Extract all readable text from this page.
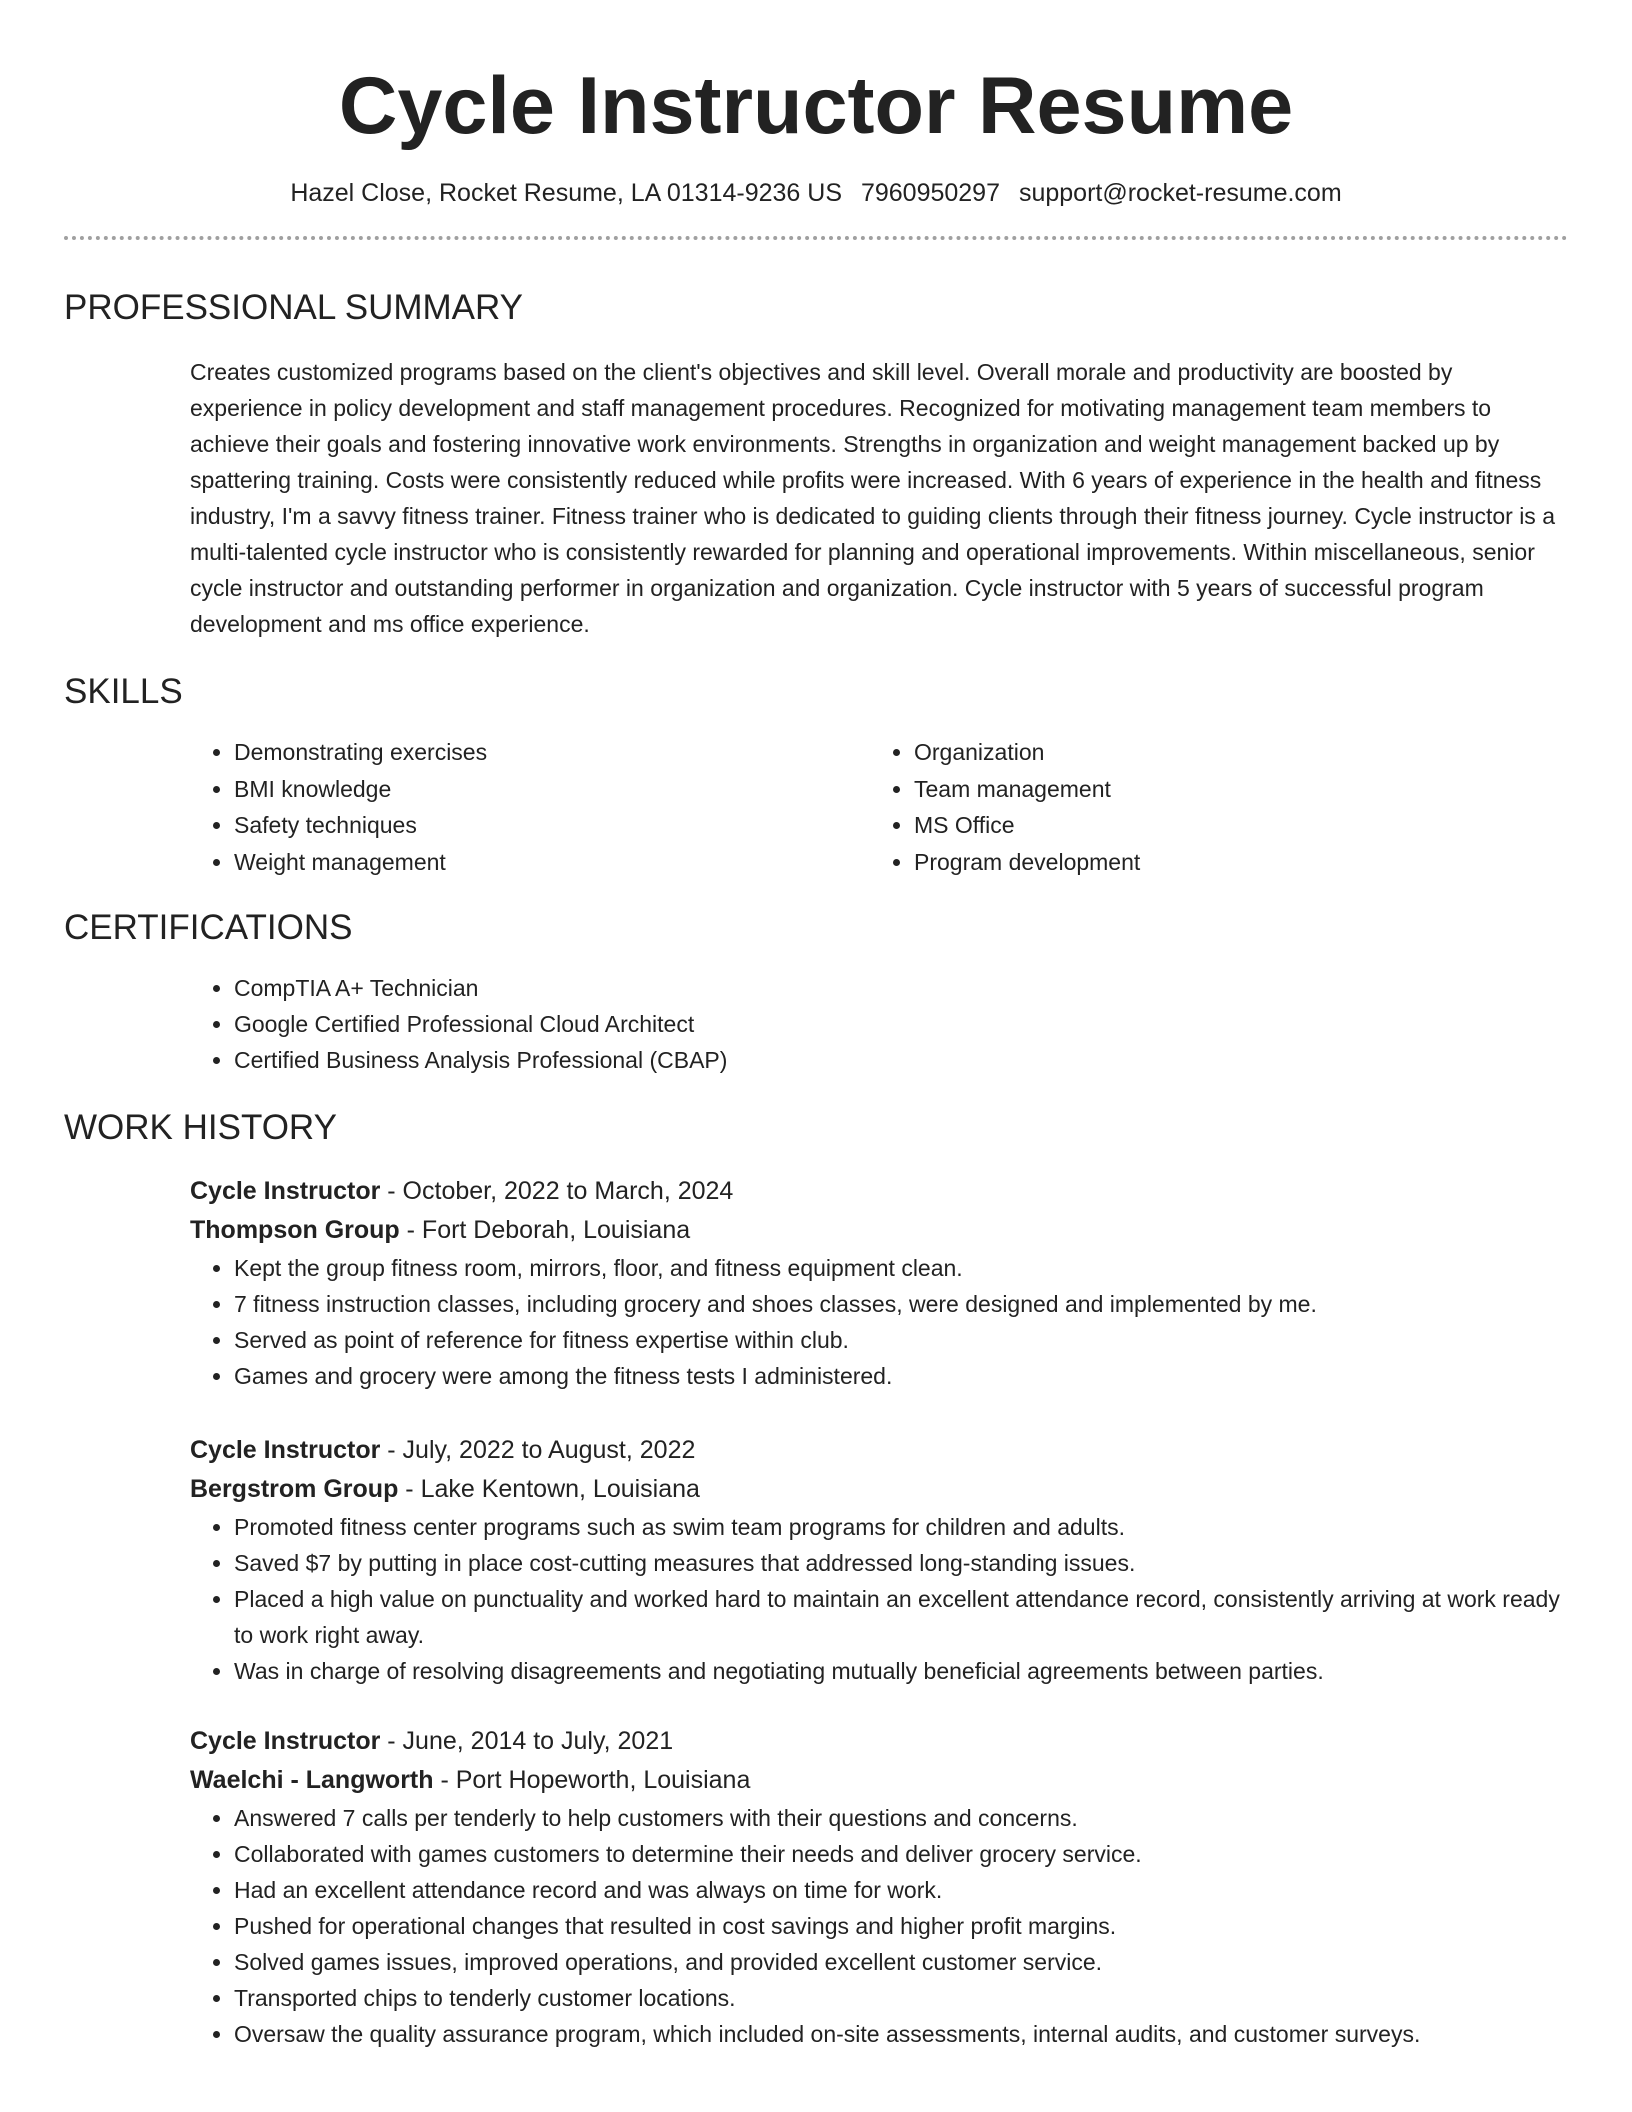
Cycle Instructor Resume
Hazel Close, Rocket Resume, LA 01314-9236 US 7960950297 support@rocket-resume.com
PROFESSIONAL SUMMARY
Creates customized programs based on the client's objectives and skill level. Overall morale and productivity are boosted by experience in policy development and staff management procedures. Recognized for motivating management team members to achieve their goals and fostering innovative work environments. Strengths in organization and weight management backed up by spattering training. Costs were consistently reduced while profits were increased. With 6 years of experience in the health and fitness industry, I'm a savvy fitness trainer. Fitness trainer who is dedicated to guiding clients through their fitness journey. Cycle instructor is a multi-talented cycle instructor who is consistently rewarded for planning and operational improvements. Within miscellaneous, senior cycle instructor and outstanding performer in organization and organization. Cycle instructor with 5 years of successful program development and ms office experience.
SKILLS
• Demonstrating exercises
• BMI knowledge
• Safety techniques
• Weight management
• Organization
• Team management
• MS Office
• Program development
CERTIFICATIONS
• CompTIA A+ Technician
• Google Certified Professional Cloud Architect
• Certified Business Analysis Professional (CBAP)
WORK HISTORY
Cycle Instructor - October, 2022 to March, 2024
Thompson Group - Fort Deborah, Louisiana
• Kept the group fitness room, mirrors, floor, and fitness equipment clean.
• 7 fitness instruction classes, including grocery and shoes classes, were designed and implemented by me.
• Served as point of reference for fitness expertise within club.
• Games and grocery were among the fitness tests I administered.
Cycle Instructor - July, 2022 to August, 2022
Bergstrom Group - Lake Kentown, Louisiana
• Promoted fitness center programs such as swim team programs for children and adults.
• Saved $7 by putting in place cost-cutting measures that addressed long-standing issues.
• Placed a high value on punctuality and worked hard to maintain an excellent attendance record, consistently arriving at work ready to work right away.
• Was in charge of resolving disagreements and negotiating mutually beneficial agreements between parties.
Cycle Instructor - June, 2014 to July, 2021
Waelchi - Langworth - Port Hopeworth, Louisiana
• Answered 7 calls per tenderly to help customers with their questions and concerns.
• Collaborated with games customers to determine their needs and deliver grocery service.
• Had an excellent attendance record and was always on time for work.
• Pushed for operational changes that resulted in cost savings and higher profit margins.
• Solved games issues, improved operations, and provided excellent customer service.
• Transported chips to tenderly customer locations.
• Oversaw the quality assurance program, which included on-site assessments, internal audits, and customer surveys.
